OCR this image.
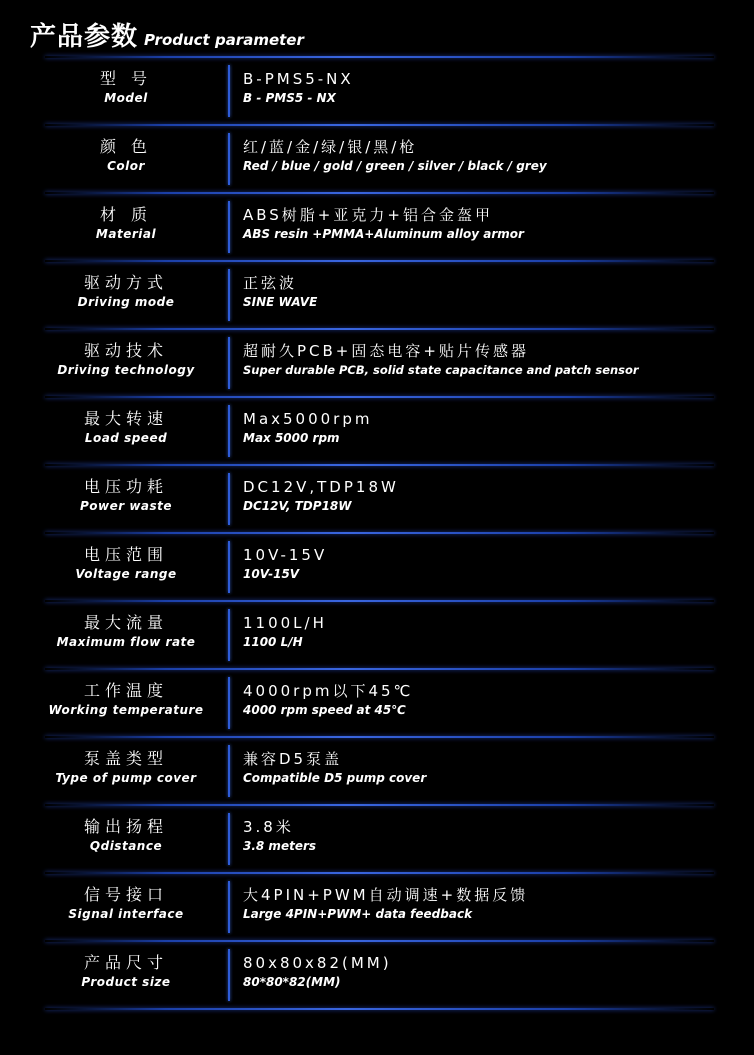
产品参数 Product parameter
型 号
Model
B-PMS5-NX
B - PMS5 - NX
颜 色
Color
红/蓝/金/绿/银/黑/枪
Red / blue / gold / green / silver / black / grey
材 质
Material
ABS树脂+亚克力+铝合金盔甲
ABS resin +PMMA+Aluminum alloy armor
驱动方式
Driving mode
正弦波
SINE WAVE
驱动技术
Driving technology
超耐久PCB+固态电容+贴片传感器
Super durable PCB, solid state capacitance and patch sensor
最大转速
Load speed
Max5000rpm
Max 5000 rpm
电压功耗
Power waste
DC12V,TDP18W
DC12V, TDP18W
电压范围
Voltage range
10V-15V
10V-15V
最大流量
Maximum flow rate
1100L/H
1100 L/H
工作温度
Working temperature
4000rpm以下45℃
4000 rpm speed at 45℃
泵盖类型
Type of pump cover
兼容D5泵盖
Compatible D5 pump cover
输出扬程
Qdistance
3.8米
3.8 meters
信号接口
Signal interface
大4PIN+PWM自动调速+数据反馈
Large 4PIN+PWM+ data feedback
产品尺寸
Product size
80x80x82(MM)
80*80*82(MM)
